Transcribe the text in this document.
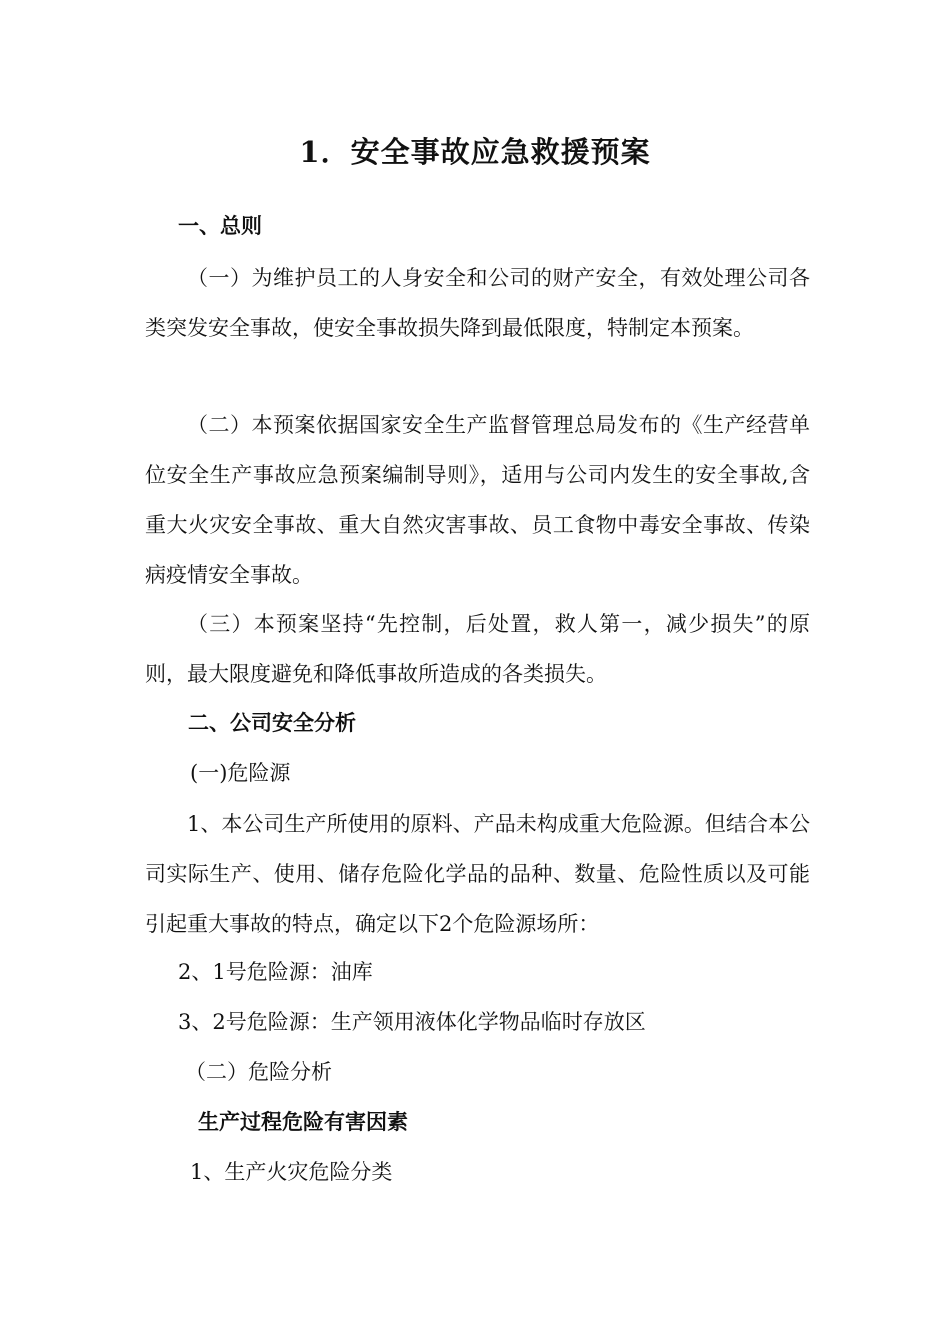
1．安全事故应急救援预案
一、总则
（一）为维护员工的人身安全和公司的财产安全，有效处理公司各类突发安全事故，使安全事故损失降到最低限度，特制定本预案。
（二）本预案依据国家安全生产监督管理总局发布的《生产经营单位安全生产事故应急预案编制导则》，适用与公司内发生的安全事故,含重大火灾安全事故、重大自然灾害事故、员工食物中毒安全事故、传染病疫情安全事故。
（三）本预案坚持“先控制，后处置，救人第一，减少损失”的原则，最大限度避免和降低事故所造成的各类损失。
二、公司安全分析
(一)危险源
1、本公司生产所使用的原料、产品未构成重大危险源。但结合本公司实际生产、使用、储存危险化学品的品种、数量、危险性质以及可能引起重大事故的特点，确定以下2个危险源场所：
2、1号危险源：油库
3、2号危险源：生产领用液体化学物品临时存放区
（二）危险分析
生产过程危险有害因素
1、生产火灾危险分类
